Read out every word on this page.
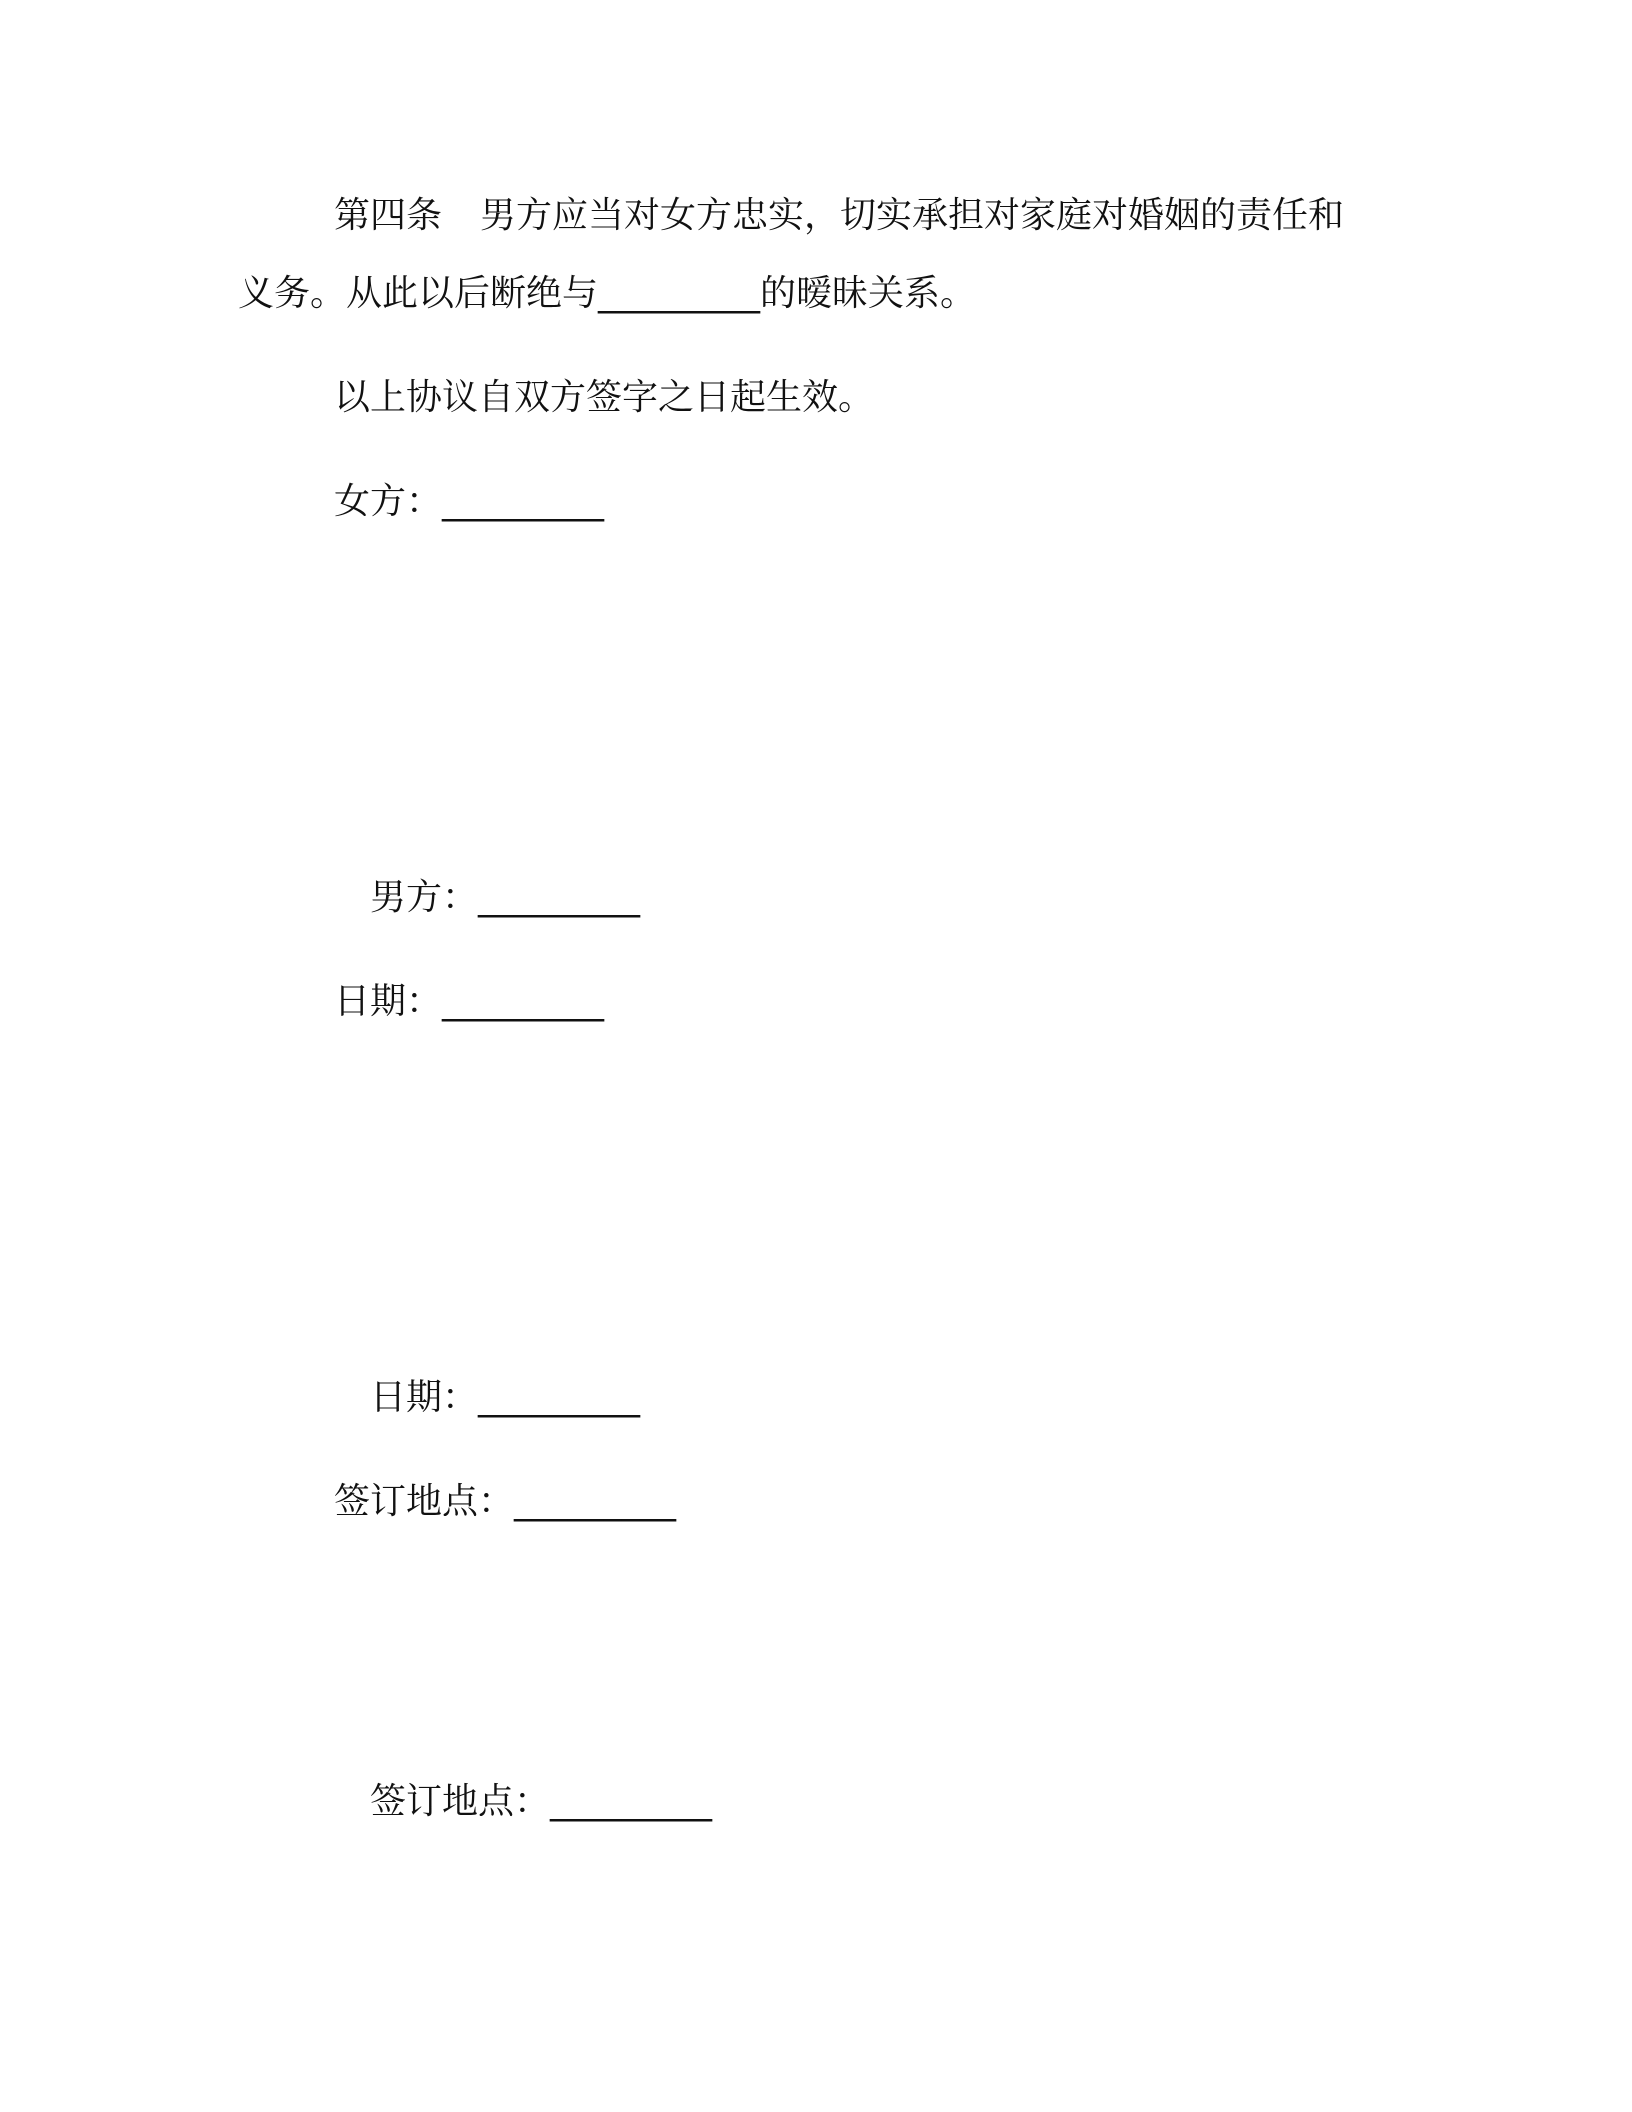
第四条 男方应当对女方忠实，切实承担对家庭对婚姻的责任和
义务。从此以后断绝与_________的暧昧关系。
以上协议自双方签字之日起生效。
女方：_________
男方：_________
日期：_________
日期：_________
签订地点：_________
签订地点：_________
